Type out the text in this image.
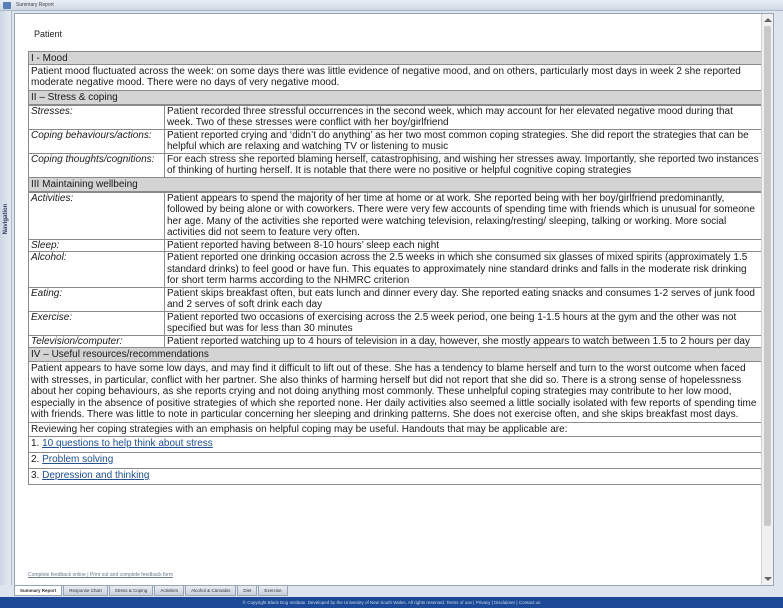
Summary Report
Navigation
Patient
I - Mood
Patient mood fluctuated across the week: on some days there was little evidence of negative mood, and on others, particularly most days in week 2 she reported moderate negative mood. There were no days of very negative mood.
II – Stress & coping
Stresses:	Patient recorded three stressful occurrences in the second week, which may account for her elevated negative mood during that week. Two of these stresses were conflict with her boy/girlfriend
Coping behaviours/actions:	Patient reported crying and ‘didn’t do anything’ as her two most common coping strategies. She did report the strategies that can be helpful which are relaxing and watching TV or listening to music
Coping thoughts/cognitions:	For each stress she reported blaming herself, catastrophising, and wishing her stresses away. Importantly, she reported two instances of thinking of hurting herself. It is notable that there were no positive or helpful cognitive coping strategies
III Maintaining wellbeing
Activities:	Patient appears to spend the majority of her time at home or at work. She reported being with her boy/girlfriend predominantly, followed by being alone or with coworkers. There were very few accounts of spending time with friends which is unusual for someone her age. Many of the activities she reported were watching television, relaxing/resting/ sleeping, talking or working. More social activities did not seem to feature very often.
Sleep:	Patient reported having between 8-10 hours’ sleep each night
Alcohol:	Patient reported one drinking occasion across the 2.5 weeks in which she consumed six glasses of mixed spirits (approximately 1.5 standard drinks) to feel good or have fun. This equates to approximately nine standard drinks and falls in the moderate risk drinking for short term harms according to the NHMRC criterion
Eating:	Patient skips breakfast often, but eats lunch and dinner every day. She reported eating snacks and consumes 1-2 serves of junk food and 2 serves of soft drink each day
Exercise:	Patient reported two occasions of exercising across the 2.5 week period, one being 1-1.5 hours at the gym and the other was not specified but was for less than 30 minutes
Television/computer:	Patient reported watching up to 4 hours of television in a day, however, she mostly appears to watch between 1.5 to 2 hours per day
IV – Useful resources/recommendations

Patient appears to have some low days, and may find it difficult to lift out of these. She has a tendency to blame herself and turn to the worst outcome when faced with stresses, in particular, conflict with her partner. She also thinks of harming herself but did not report that she did so. There is a strong sense of hopelessness about her coping behaviours, as she reports crying and not doing anything most commonly. These unhelpful coping strategies may contribute to her low mood, especially in the absence of positive strategies of which she reported none. Her daily activities also seemed a little socially isolated with few reports of spending time with friends. There was little to note in particular concerning her sleeping and drinking patterns. She does not exercise often, and she skips breakfast most days.

Reviewing her coping strategies with an emphasis on helpful coping may be useful. Handouts that may be applicable are:

1. 10 questions to help think about stress
2. Problem solving
3. Depression and thinking
Complete feedback online | Print out and complete feedback form
Summary Report	Response Chart	Stress & Coping	Activities	Alcohol & Cannabis	Diet	Exercise
© Copyright Black Dog Institute. Developed by the University of New South Wales. All rights reserved. Terms of use | Privacy | Disclaimer | Contact us
